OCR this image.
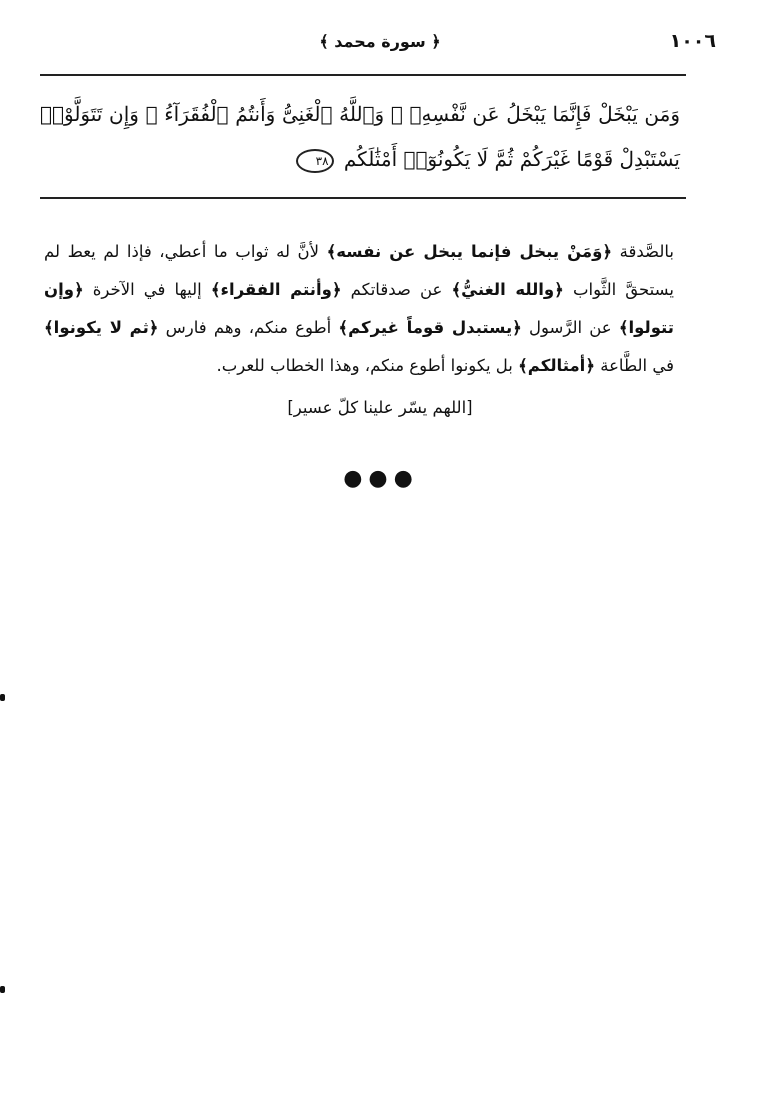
١٠٠٦
﴿ سورة محمد ﴾
وَمَن يَبْخَلْ فَإِنَّمَا يَبْخَلُ عَن نَّفْسِهِۦ ۚ وَٱللَّهُ ٱلْغَنِىُّ وَأَنتُمُ ٱلْفُقَرَآءُ ۚ وَإِن تَتَوَلَّوْا۟ يَسْتَبْدِلْ قَوْمًا غَيْرَكُمْ ثُمَّ لَا يَكُونُوٓا۟ أَمْثَٰلَكُم ٣٨
بالصَّدقة ﴿وَمَنْ يبخل فإنما يبخل عن نفسه﴾ لأنَّ له ثواب ما أعطي، فإذا لم يعط لم يستحقَّ الثَّواب ﴿والله الغنيُّ﴾ عن صدقاتكم ﴿وأنتم الفقراء﴾ إليها في الآخرة ﴿وإن تتولوا﴾ عن الرَّسول ﴿يستبدل قوماً غيركم﴾ أطوع منكم، وهم فارس ﴿ثم لا يكونوا﴾ في الطَّاعة ﴿أمثالكم﴾ بل يكونوا أطوع منكم، وهذا الخطاب للعرب.
[اللهم يسّر علينا كلّ عسير]
●●●
